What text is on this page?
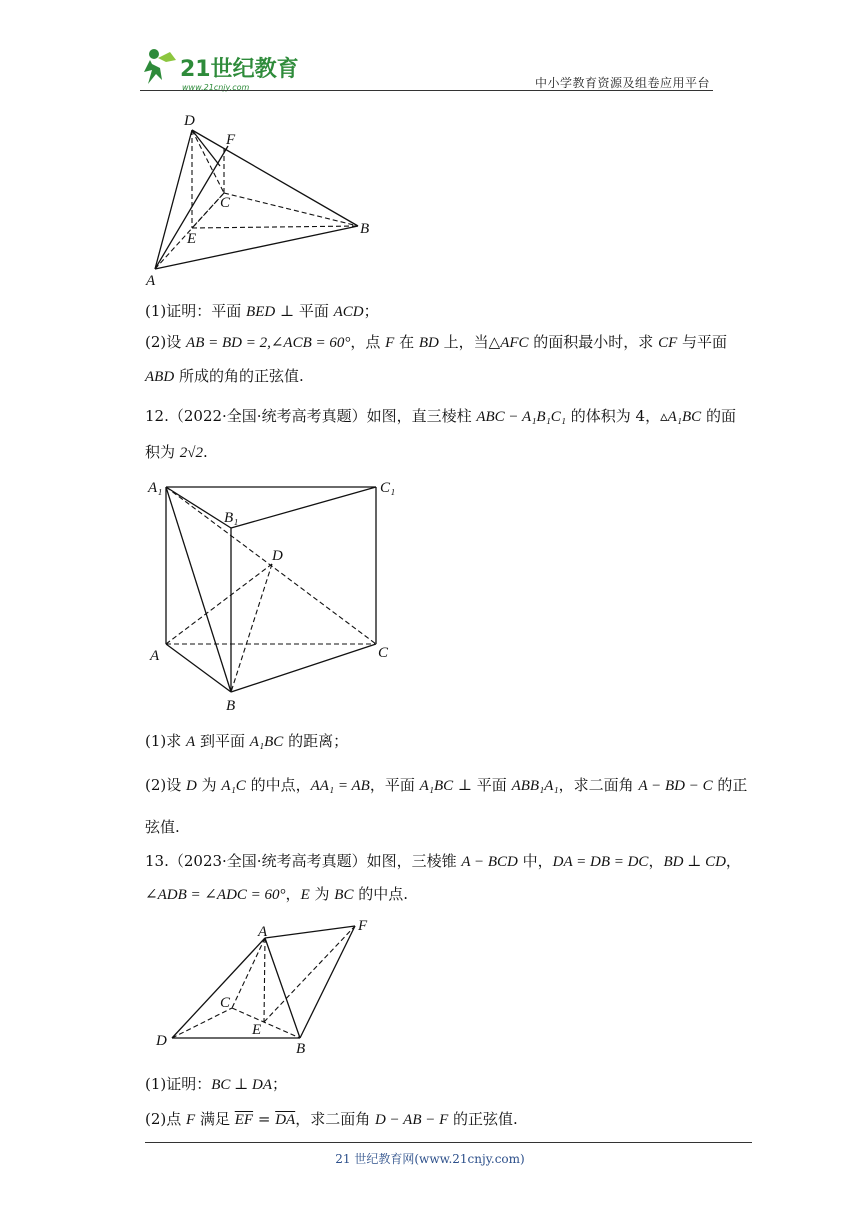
21世纪教育
www.21cnjy.com	中小学教育资源及组卷应用平台
D
F
C
E
B
A
(1)证明：平面 BED ⊥ 平面 ACD；
(2)设 AB = BD = 2,∠ACB = 60°，点 F 在 BD 上，当△AFC 的面积最小时，求 CF 与平面
ABD 所成的角的正弦值.
12.（2022·全国·统考高考真题）如图，直三棱柱 ABC − A₁B₁C₁ 的体积为 4，▵A₁BC 的面
积为 2√2.
A₁	C₁
B₁
D
A	C
B
(1)求 A 到平面 A₁BC 的距离；
(2)设 D 为 A₁C 的中点，AA₁ = AB，平面 A₁BC ⊥ 平面 ABB₁A₁，求二面角 A − BD − C 的正
弦值.
13.（2023·全国·统考高考真题）如图，三棱锥 A − BCD 中，DA = DB = DC，BD ⊥ CD，
∠ADB = ∠ADC = 60°，E 为 BC 的中点.
A	F
C
E
D	B
(1)证明：BC ⊥ DA；
(2)点 F 满足 $\overline{EF} = \overline{DA}$，求二面角 D − AB − F 的正弦值.
21 世纪教育网(www.21cnjy.com)
